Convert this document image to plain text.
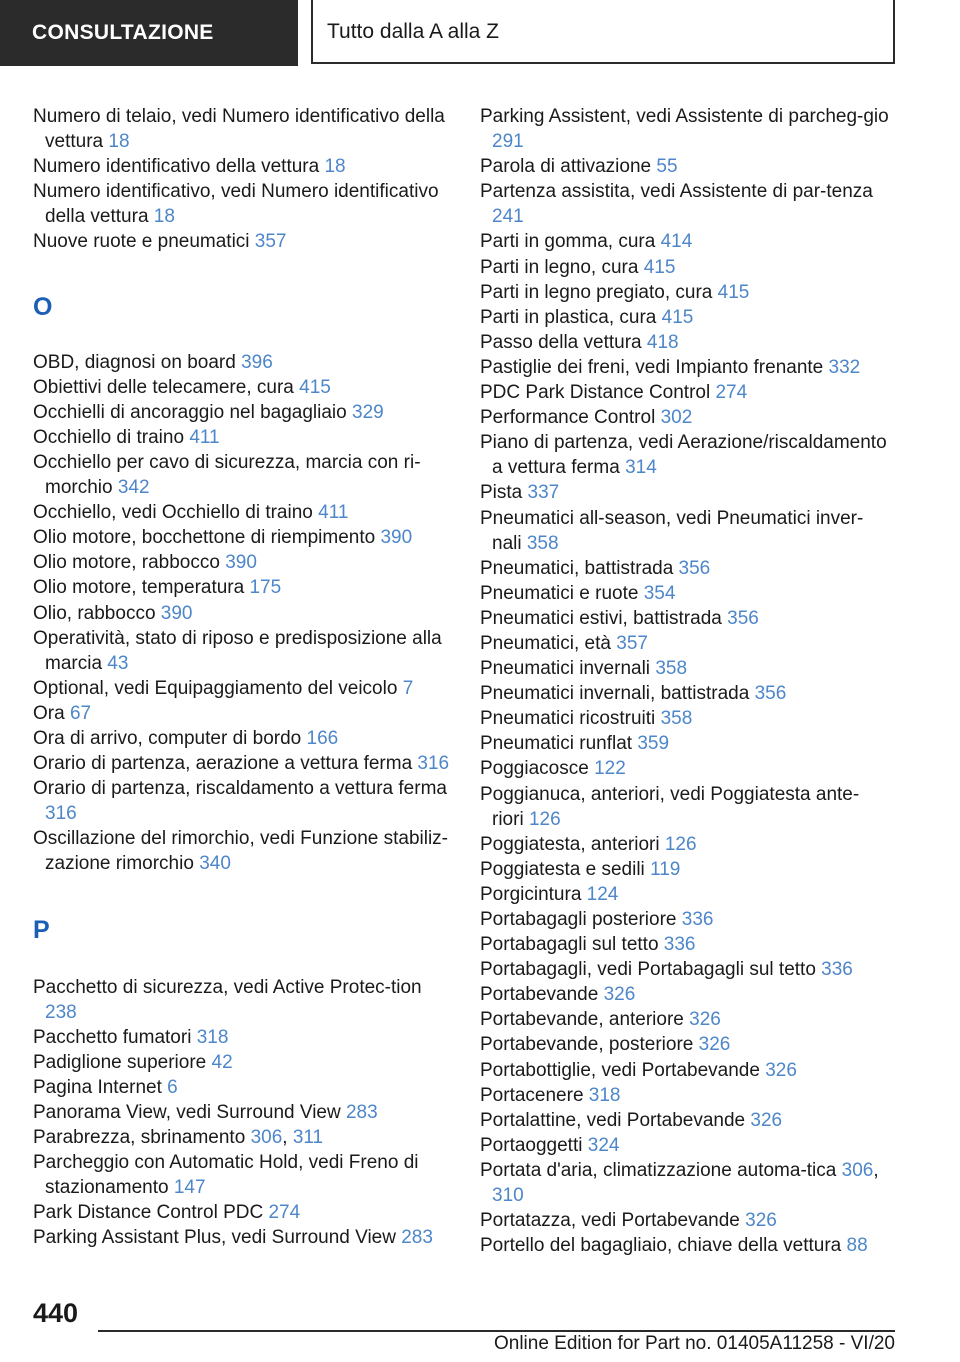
CONSULTAZIONE	Tutto dalla A alla Z
Numero di telaio, vedi Numero identificativo della vettura 18
Numero identificativo della vettura 18
Numero identificativo, vedi Numero identificativo della vettura 18
Nuove ruote e pneumatici 357
O
OBD, diagnosi on board 396
Obiettivi delle telecamere, cura 415
Occhielli di ancoraggio nel bagagliaio 329
Occhiello di traino 411
Occhiello per cavo di sicurezza, marcia con ri-morchio 342
Occhiello, vedi Occhiello di traino 411
Olio motore, bocchettone di riempimento 390
Olio motore, rabbocco 390
Olio motore, temperatura 175
Olio, rabbocco 390
Operatività, stato di riposo e predisposizione alla marcia 43
Optional, vedi Equipaggiamento del veicolo 7
Ora 67
Ora di arrivo, computer di bordo 166
Orario di partenza, aerazione a vettura ferma 316
Orario di partenza, riscaldamento a vettura ferma 316
Oscillazione del rimorchio, vedi Funzione stabiliz-zazione rimorchio 340
P
Pacchetto di sicurezza, vedi Active Protec-tion 238
Pacchetto fumatori 318
Padiglione superiore 42
Pagina Internet 6
Panorama View, vedi Surround View 283
Parabrezza, sbrinamento 306, 311
Parcheggio con Automatic Hold, vedi Freno di stazionamento 147
Park Distance Control PDC 274
Parking Assistant Plus, vedi Surround View 283
Parking Assistent, vedi Assistente di parcheg-gio 291
Parola di attivazione 55
Partenza assistita, vedi Assistente di par-tenza 241
Parti in gomma, cura 414
Parti in legno, cura 415
Parti in legno pregiato, cura 415
Parti in plastica, cura 415
Passo della vettura 418
Pastiglie dei freni, vedi Impianto frenante 332
PDC Park Distance Control 274
Performance Control 302
Piano di partenza, vedi Aerazione/riscaldamento a vettura ferma 314
Pista 337
Pneumatici all-season, vedi Pneumatici inver-nali 358
Pneumatici, battistrada 356
Pneumatici e ruote 354
Pneumatici estivi, battistrada 356
Pneumatici, età 357
Pneumatici invernali 358
Pneumatici invernali, battistrada 356
Pneumatici ricostruiti 358
Pneumatici runflat 359
Poggiacosce 122
Poggianuca, anteriori, vedi Poggiatesta ante-riori 126
Poggiatesta, anteriori 126
Poggiatesta e sedili 119
Porgicintura 124
Portabagagli posteriore 336
Portabagagli sul tetto 336
Portabagagli, vedi Portabagagli sul tetto 336
Portabevande 326
Portabevande, anteriore 326
Portabevande, posteriore 326
Portabottiglie, vedi Portabevande 326
Portacenere 318
Portalattine, vedi Portabevande 326
Portaoggetti 324
Portata d'aria, climatizzazione automa-tica 306, 310
Portatazza, vedi Portabevande 326
Portello del bagagliaio, chiave della vettura 88
440
Online Edition for Part no. 01405A11258 - VI/20
